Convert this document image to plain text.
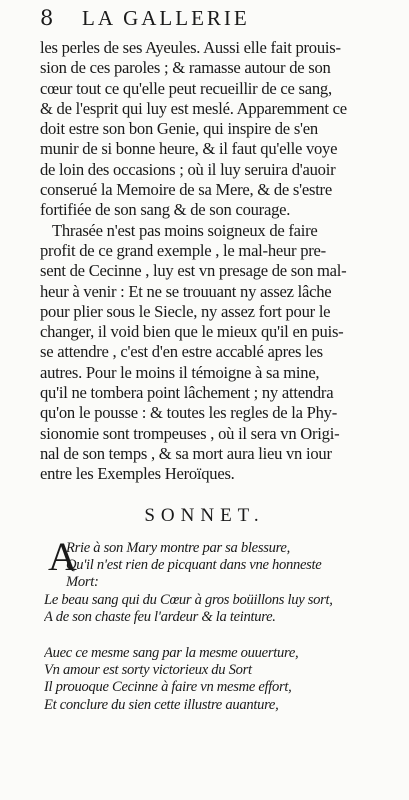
8 LA GALLERIE
les perles de ses Ayeules. Aussi elle fait prouis-
sion de ces paroles ; & ramasse autour de son
cœur tout ce qu'elle peut recueillir de ce sang,
& de l'esprit qui luy est meslé. Apparemment ce
doit estre son bon Genie, qui inspire de s'en
munir de si bonne heure, & il faut qu'elle voye
de loin des occasions ; où il luy seruira d'auoir
conserué la Memoire de sa Mere, & de s'estre
fortifiée de son sang & de son courage.
Thrasée n'est pas moins soigneux de faire
profit de ce grand exemple , le mal-heur pre-
sent de Cecinne , luy est vn presage de son mal-
heur à venir : Et ne se trouuant ny assez lâche
pour plier sous le Siecle, ny assez fort pour le
changer, il void bien que le mieux qu'il en puis-
se attendre , c'est d'en estre accablé apres les
autres. Pour le moins il témoigne à sa mine,
qu'il ne tombera point lâchement ; ny attendra
qu'on le pousse : & toutes les regles de la Phy-
sionomie sont trompeuses , où il sera vn Origi-
nal de son temps , & sa mort aura lieu vn iour
entre les Exemples Heroïques.
SONNET.
A
Rrie à son Mary montre par sa blessure,
Qu'il n'est rien de picquant dans vne honneste
Mort:
Le beau sang qui du Cœur à gros boüillons luy sort,
A de son chaste feu l'ardeur & la teinture.
Auec ce mesme sang par la mesme ouuerture,
Vn amour est sorty victorieux du Sort
Il prouoque Cecinne à faire vn mesme effort,
Et conclure du sien cette illustre auanture,
